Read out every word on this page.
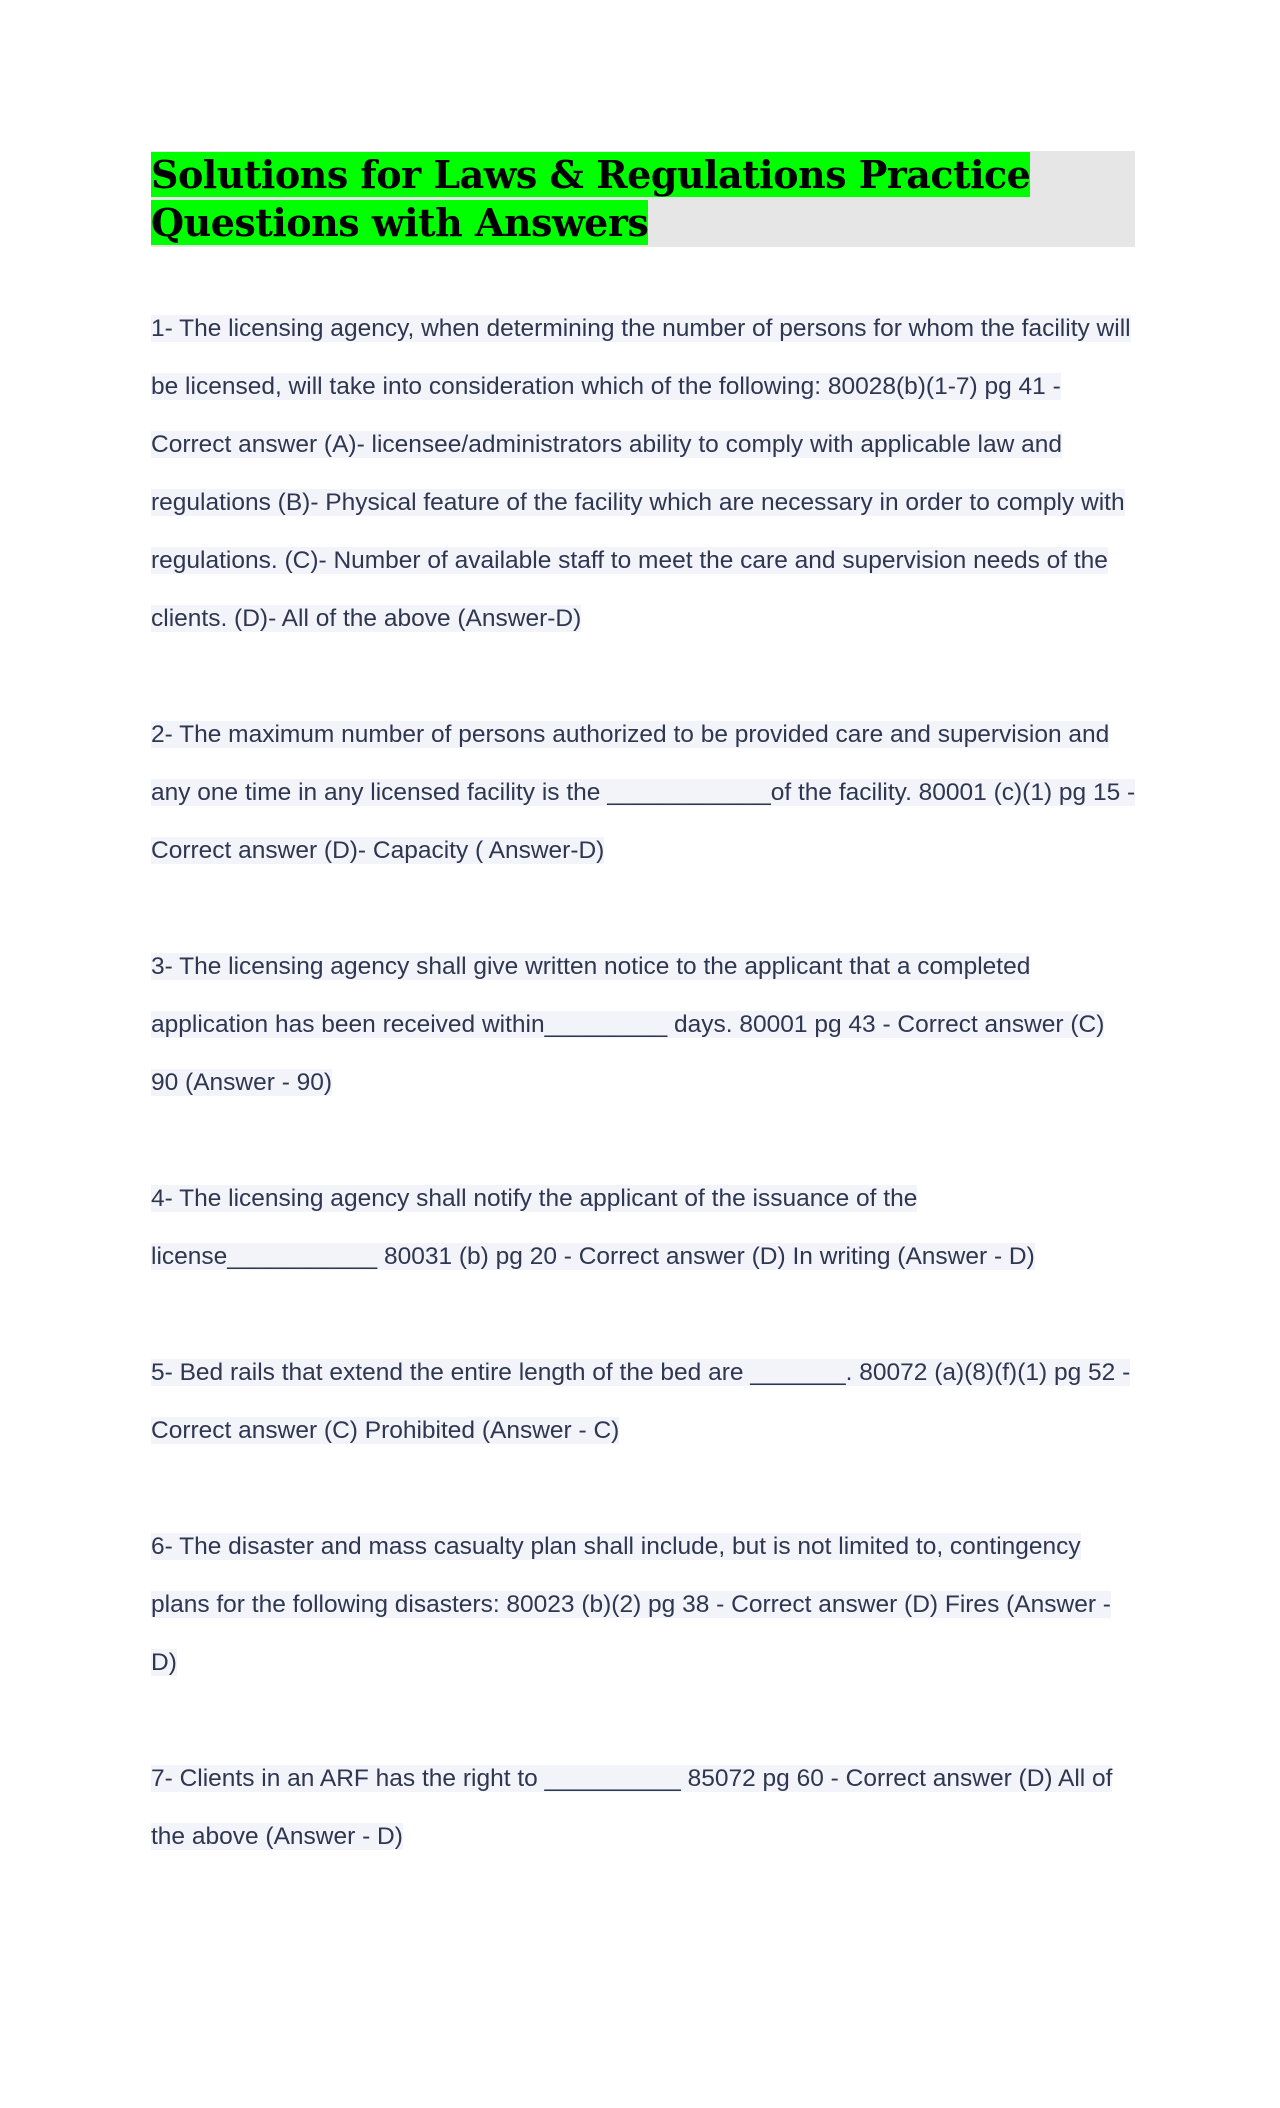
Solutions for Laws & Regulations Practice Questions with Answers

1- The licensing agency, when determining the number of persons for whom the facility will be licensed, will take into consideration which of the following: 80028(b)(1-7) pg 41 - Correct answer (A)- licensee/administrators ability to comply with applicable law and regulations (B)- Physical feature of the facility which are necessary in order to comply with regulations. (C)- Number of available staff to meet the care and supervision needs of the clients. (D)- All of the above (Answer-D)

2- The maximum number of persons authorized to be provided care and supervision and any one time in any licensed facility is the ____________of the facility. 80001 (c)(1) pg 15 - Correct answer (D)- Capacity ( Answer-D)

3- The licensing agency shall give written notice to the applicant that a completed application has been received within_________ days. 80001 pg 43 - Correct answer (C) 90 (Answer - 90)

4- The licensing agency shall notify the applicant of the issuance of the license___________ 80031 (b) pg 20 - Correct answer (D) In writing (Answer - D)

5- Bed rails that extend the entire length of the bed are _______. 80072 (a)(8)(f)(1) pg 52 - Correct answer (C) Prohibited (Answer - C)

6- The disaster and mass casualty plan shall include, but is not limited to, contingency plans for the following disasters: 80023 (b)(2) pg 38 - Correct answer (D) Fires (Answer - D)

7- Clients in an ARF has the right to __________ 85072 pg 60 - Correct answer (D) All of the above (Answer - D)
